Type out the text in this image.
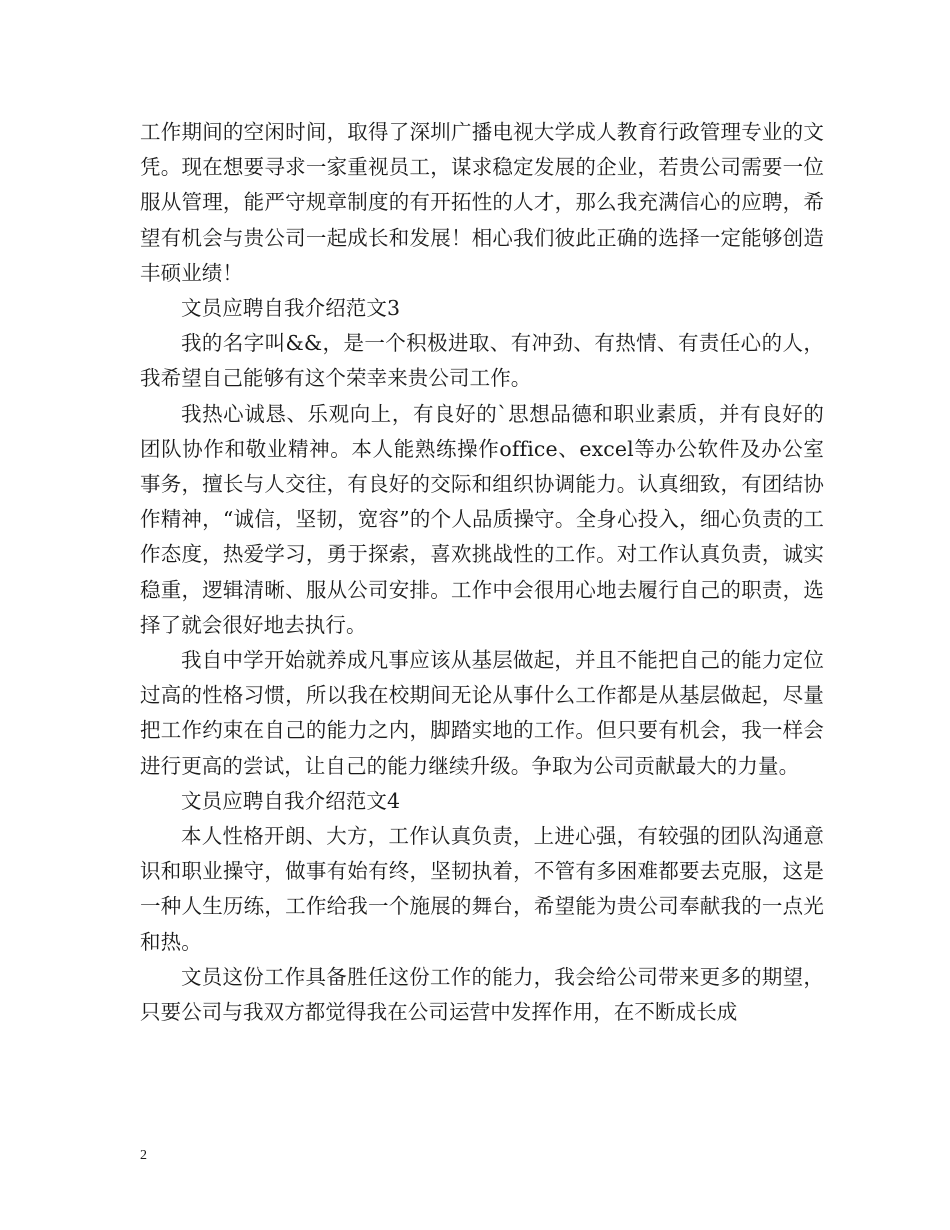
工作期间的空闲时间，取得了深圳广播电视大学成人教育行政管理专业的文凭。现在想要寻求一家重视员工，谋求稳定发展的企业，若贵公司需要一位服从管理，能严守规章制度的有开拓性的人才，那么我充满信心的应聘，希望有机会与贵公司一起成长和发展！相心我们彼此正确的选择一定能够创造丰硕业绩！

文员应聘自我介绍范文3

我的名字叫&&，是一个积极进取、有冲劲、有热情、有责任心的人，我希望自己能够有这个荣幸来贵公司工作。

我热心诚恳、乐观向上，有良好的`思想品德和职业素质，并有良好的团队协作和敬业精神。本人能熟练操作office、excel等办公软件及办公室事务，擅长与人交往，有良好的交际和组织协调能力。认真细致，有团结协作精神，“诚信，坚韧，宽容”的个人品质操守。全身心投入，细心负责的工作态度，热爱学习，勇于探索，喜欢挑战性的工作。对工作认真负责，诚实稳重，逻辑清晰、服从公司安排。工作中会很用心地去履行自己的职责，选择了就会很好地去执行。

我自中学开始就养成凡事应该从基层做起，并且不能把自己的能力定位过高的性格习惯，所以我在校期间无论从事什么工作都是从基层做起，尽量把工作约束在自己的能力之内，脚踏实地的工作。但只要有机会，我一样会进行更高的尝试，让自己的能力继续升级。争取为公司贡献最大的力量。

文员应聘自我介绍范文4

本人性格开朗、大方，工作认真负责，上进心强，有较强的团队沟通意识和职业操守，做事有始有终，坚韧执着，不管有多困难都要去克服，这是一种人生历练，工作给我一个施展的舞台，希望能为贵公司奉献我的一点光和热。

文员这份工作具备胜任这份工作的能力，我会给公司带来更多的期望，只要公司与我双方都觉得我在公司运营中发挥作用，在不断成长成

2
